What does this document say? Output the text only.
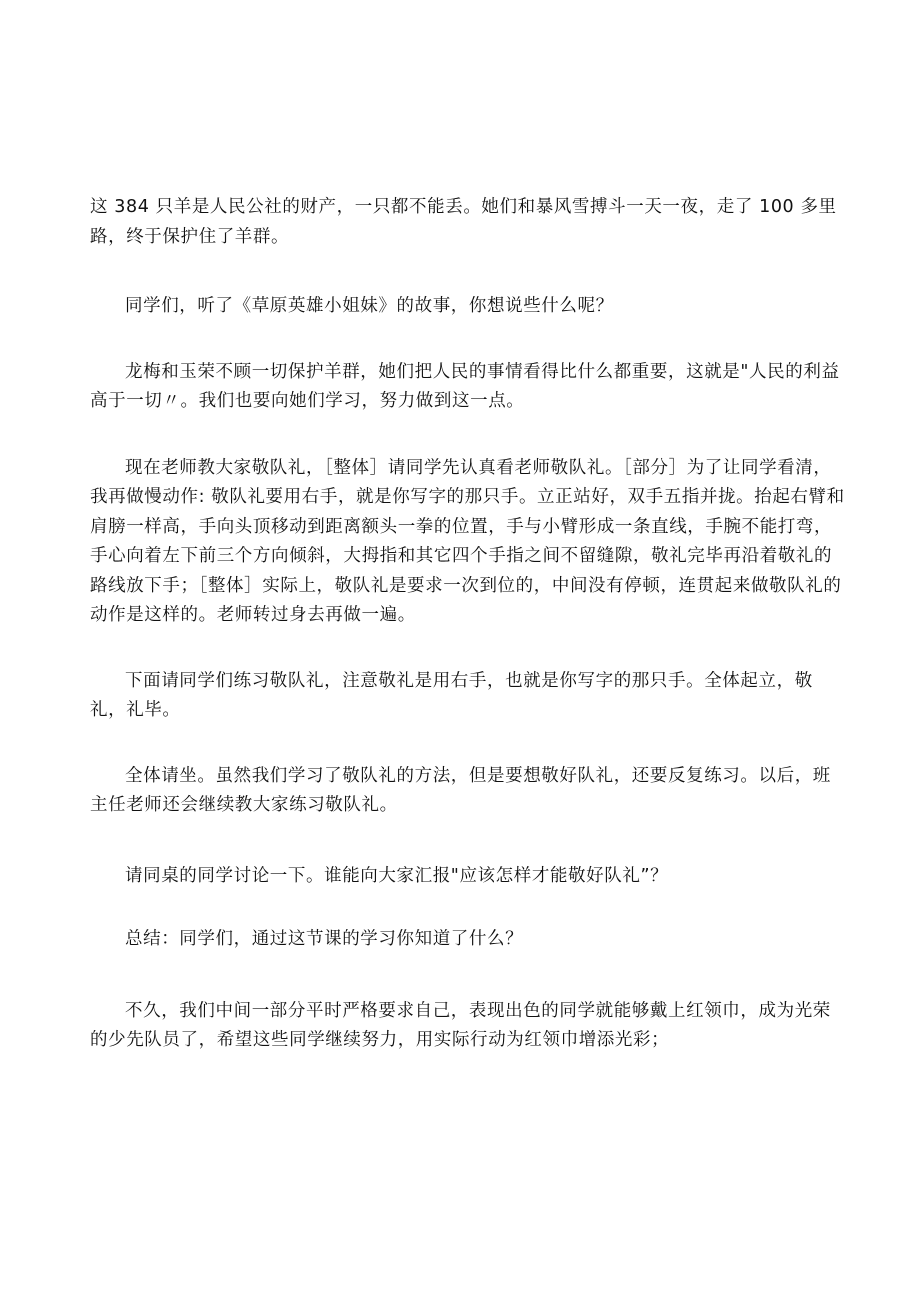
这 384 只羊是人民公社的财产，一只都不能丢。她们和暴风雪搏斗一天一夜，走了 100 多里路，终于保护住了羊群。

同学们，听了《草原英雄小姐妹》的故事，你想说些什么呢？

龙梅和玉荣不顾一切保护羊群，她们把人民的事情看得比什么都重要，这就是"人民的利益高于一切〃。我们也要向她们学习，努力做到这一点。

现在老师教大家敬队礼，［整体］请同学先认真看老师敬队礼。［部分］为了让同学看清，我再做慢动作: 敬队礼要用右手，就是你写字的那只手。立正站好，双手五指并拢。抬起右臂和肩膀一样高，手向头顶移动到距离额头一拳的位置，手与小臂形成一条直线，手腕不能打弯，手心向着左下前三个方向倾斜，大拇指和其它四个手指之间不留缝隙，敬礼完毕再沿着敬礼的路线放下手；［整体］实际上，敬队礼是要求一次到位的，中间没有停顿，连贯起来做敬队礼的动作是这样的。老师转过身去再做一遍。

下面请同学们练习敬队礼，注意敬礼是用右手，也就是你写字的那只手。全体起立，敬礼，礼毕。

全体请坐。虽然我们学习了敬队礼的方法，但是要想敬好队礼，还要反复练习。以后，班主任老师还会继续教大家练习敬队礼。

请同桌的同学讨论一下。谁能向大家汇报"应该怎样才能敬好队礼”？

总结：同学们，通过这节课的学习你知道了什么？

不久，我们中间一部分平时严格要求自己，表现出色的同学就能够戴上红领巾，成为光荣的少先队员了，希望这些同学继续努力，用实际行动为红领巾增添光彩；
